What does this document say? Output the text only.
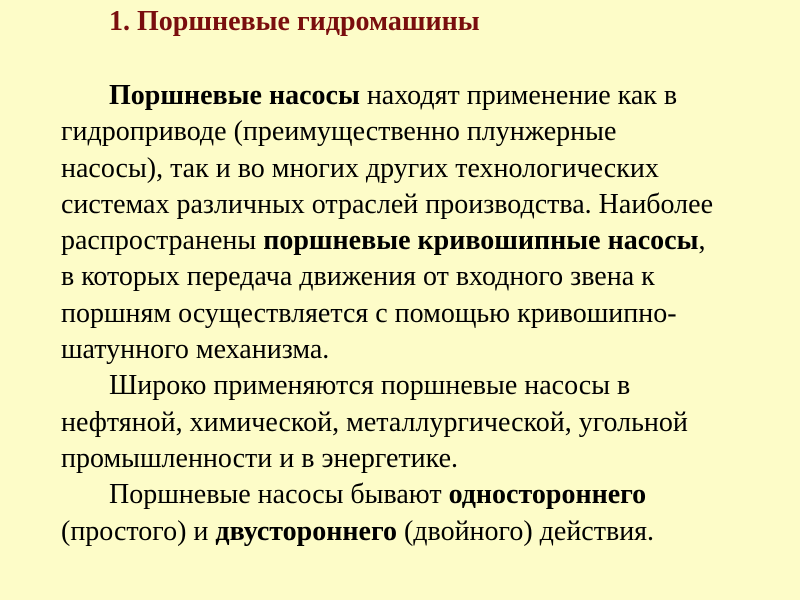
1. Поршневые гидромашины
Поршневые насосы находят применение как в
гидроприводе (преимущественно плунжерные
насосы), так и во многих других технологических
системах различных отраслей производства. Наиболее
распространены поршневые кривошипные насосы,
в которых передача движения от входного звена к
поршням осуществляется с помощью кривошипно-
шатунного механизма.
Широко применяются поршневые насосы в
нефтяной, химической, металлургической, угольной
промышленности и в энергетике.
Поршневые насосы бывают одностороннего
(простого) и двустороннего (двойного) действия.
